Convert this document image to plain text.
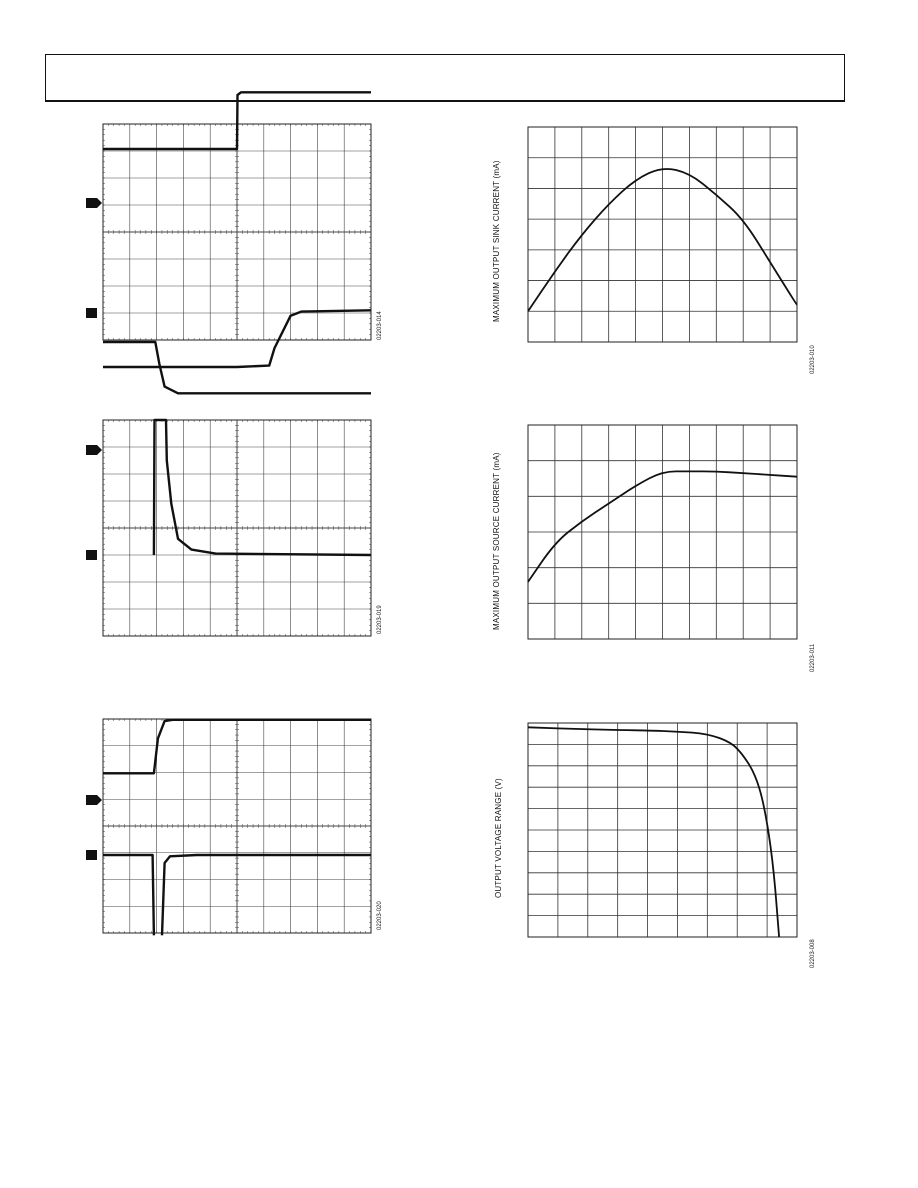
02203-014
02203-019
02203-020
MAXIMUM OUTPUT SINK CURRENT (mA)
02203-010
MAXIMUM OUTPUT SOURCE CURRENT (mA)
02203-011
OUTPUT VOLTAGE RANGE (V)
02203-008
